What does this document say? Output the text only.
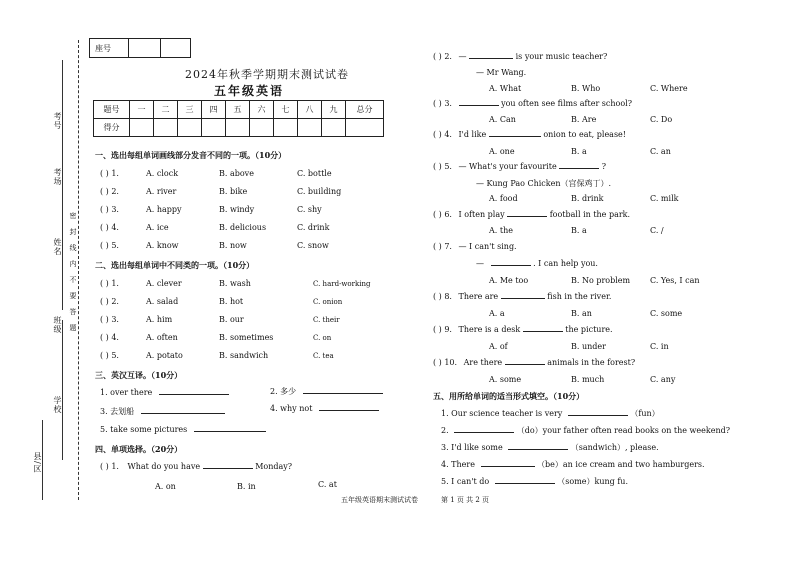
座号
考号
考场
姓名
班级
学校
县/区
密
封
线
内
不
要
答
题
2024年秋季学期期末测试试卷
五年级英语
题号	一	二	三	四	五	六	七	八	九	总分
得分										
一、选出每组单词画线部分发音不同的一项。（10分）
( ) 1.	A. clock	B. above	C. bottle
( ) 2.	A. river	B. bike	C. building
( ) 3.	A. happy	B. windy	C. shy
( ) 4.	A. ice	B. delicious	C. drink
( ) 5.	A. know	B. now	C. snow
二、选出每组单词中不同类的一项。（10分）
( ) 1.	A. clever	B. wash	C. hard-working
( ) 2.	A. salad	B. hot	C. onion
( ) 3.	A. him	B. our	C. their
( ) 4.	A. often	B. sometimes	C. on
( ) 5.	A. potato	B. sandwich	C. tea
三、英汉互译。（10分）
1. over there	2. 多少
3. 去划船	4. why not
5. take some pictures
四、单项选择。（20分）
( ) 1. What do you have	Monday?
A. on	B. in	C. at
( ) 2. —	is your music teacher?
— Mr Wang.
A. What	B. Who	C. Where
( ) 3.	you often see films after school?
A. Can	B. Are	C. Do
( ) 4. I'd like	onion to eat, please!
A. one	B. a	C. an
( ) 5. — What's your favourite	?
— Kung Pao Chicken（宫保鸡丁）.
A. food	B. drink	C. milk
( ) 6. I often play	football in the park.
A. the	B. a	C. /
( ) 7. — I can't sing.
—	. I can help you.
A. Me too	B. No problem C. Yes, I can
( ) 8. There are	fish in the river.
A. a	B. an	C. some
( ) 9. There is a desk	the picture.
A. of	B. under	C. in
( ) 10. Are there	animals in the forest?
A. some	B. much	C. any
五、用所给单词的适当形式填空。（10分）
1. Our science teacher is very	（fun）
2.	（do）your father often read books on the weekend?
3. I'd like some	（sandwich）, please.
4. There	（be）an ice cream and two hamburgers.
5. I can't do	（some）kung fu.
五年级英语期末测试试卷	第 1 页 共 2 页
